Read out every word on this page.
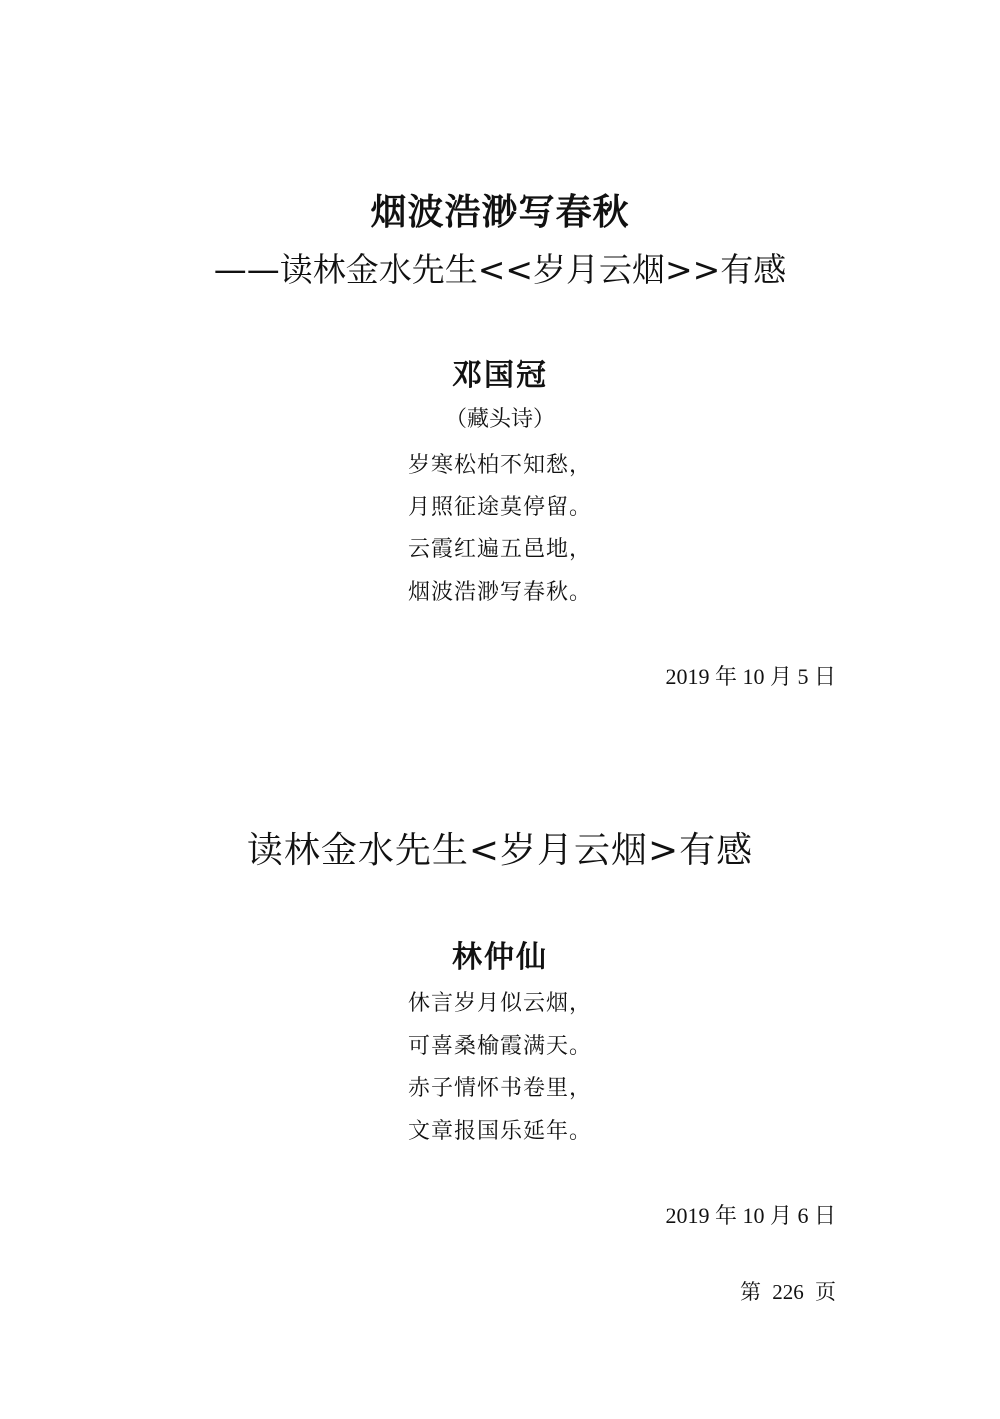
烟波浩渺写春秋
——读林金水先生<<岁月云烟>>有感
邓国冠
（藏头诗）
岁寒松柏不知愁，
月照征途莫停留。
云霞红遍五邑地，
烟波浩渺写春秋。
2019 年 10 月 5 日
读林金水先生<岁月云烟>有感
林仲仙
休言岁月似云烟，
可喜桑榆霞满天。
赤子情怀书卷里，
文章报国乐延年。
2019 年 10 月 6 日
第 226 页
